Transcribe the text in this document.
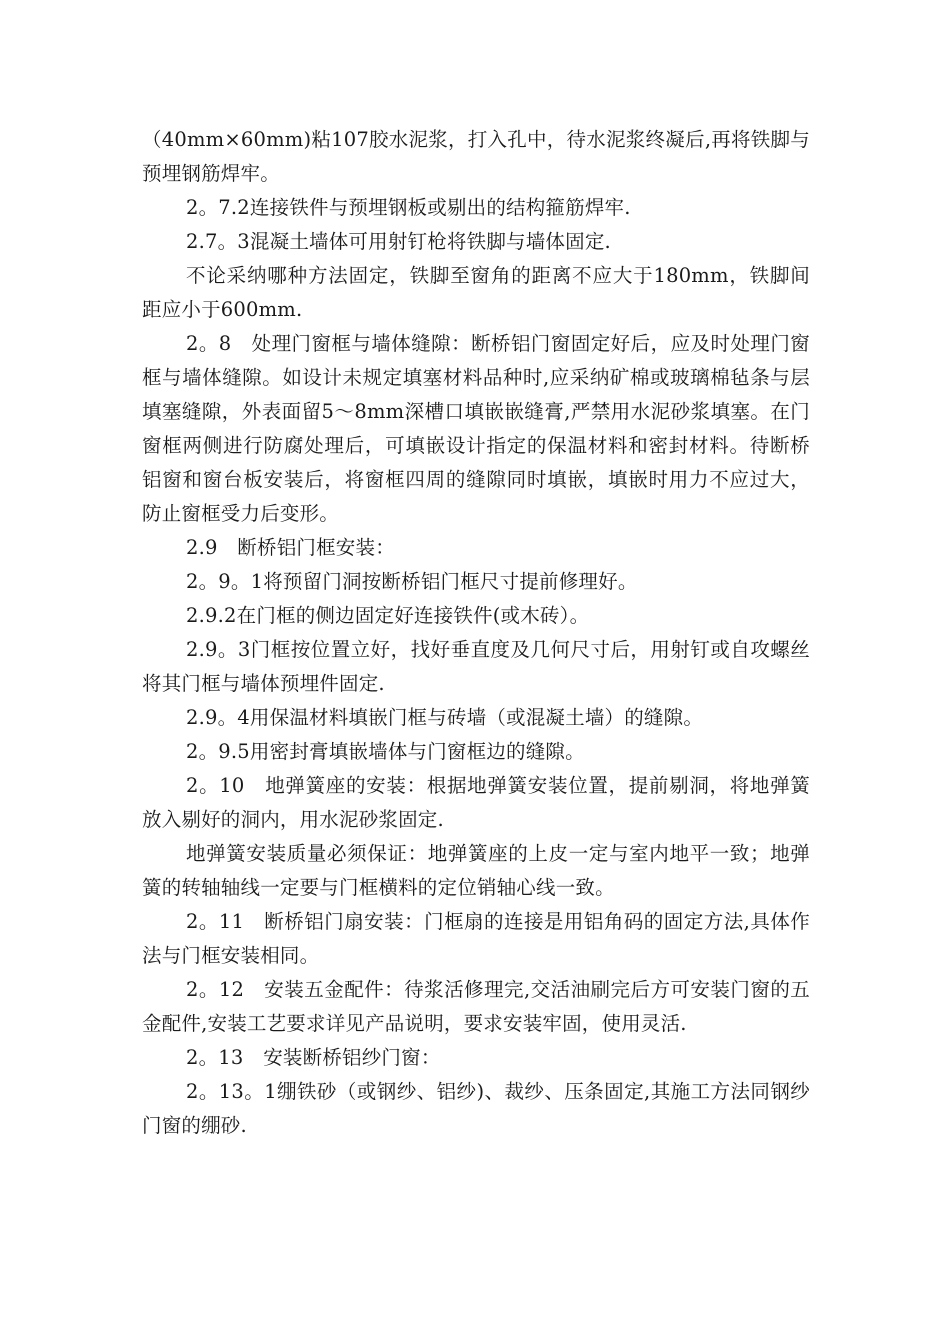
（40mm×60mm)粘107胶水泥浆，打入孔中，待水泥浆终凝后,再将铁脚与预埋钢筋焊牢。

2。7.2连接铁件与预埋钢板或剔出的结构箍筋焊牢.

2.7。3混凝土墙体可用射钉枪将铁脚与墙体固定.

不论采纳哪种方法固定，铁脚至窗角的距离不应大于180mm，铁脚间距应小于600mm.

2。8　处理门窗框与墙体缝隙：断桥铝门窗固定好后，应及时处理门窗框与墙体缝隙。如设计未规定填塞材料品种时,应采纳矿棉或玻璃棉毡条与层填塞缝隙，外表面留5～8mm深槽口填嵌嵌缝膏,严禁用水泥砂浆填塞。在门窗框两侧进行防腐处理后，可填嵌设计指定的保温材料和密封材料。待断桥铝窗和窗台板安装后，将窗框四周的缝隙同时填嵌，填嵌时用力不应过大，防止窗框受力后变形。

2.9　断桥铝门框安装：

2。9。1将预留门洞按断桥铝门框尺寸提前修理好。

2.9.2在门框的侧边固定好连接铁件(或木砖）。

2.9。3门框按位置立好，找好垂直度及几何尺寸后，用射钉或自攻螺丝将其门框与墙体预埋件固定.

2.9。4用保温材料填嵌门框与砖墙（或混凝土墙）的缝隙。

2。9.5用密封膏填嵌墙体与门窗框边的缝隙。

2。10　地弹簧座的安装：根据地弹簧安装位置，提前剔洞，将地弹簧放入剔好的洞内，用水泥砂浆固定.

地弹簧安装质量必须保证：地弹簧座的上皮一定与室内地平一致；地弹簧的转轴轴线一定要与门框横料的定位销轴心线一致。

2。11　断桥铝门扇安装：门框扇的连接是用铝角码的固定方法,具体作法与门框安装相同。

2。12　安装五金配件：待浆活修理完,交活油刷完后方可安装门窗的五金配件,安装工艺要求详见产品说明，要求安装牢固，使用灵活.

2。13　安装断桥铝纱门窗：

2。13。1绷铁砂（或钢纱、铝纱)、裁纱、压条固定,其施工方法同钢纱门窗的绷砂.
